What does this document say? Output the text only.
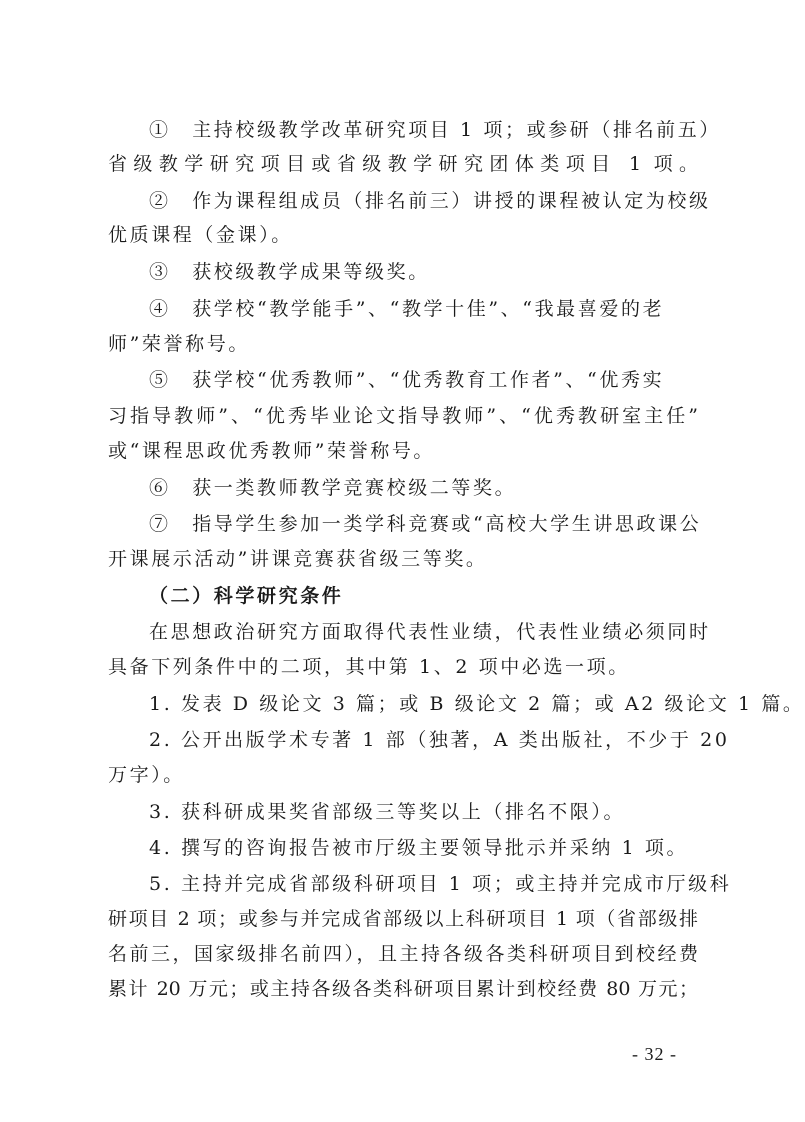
①　主持校级教学改革研究项目 1 项；或参研（排名前五）
省级教学研究项目或省级教学研究团体类项目 1 项。
②　作为课程组成员（排名前三）讲授的课程被认定为校级
优质课程（金课）。
③　获校级教学成果等级奖。
④　获学校“教学能手”、“教学十佳”、“我最喜爱的老
师”荣誉称号。
⑤　获学校“优秀教师”、“优秀教育工作者”、“优秀实
习指导教师”、“优秀毕业论文指导教师”、“优秀教研室主任”
或“课程思政优秀教师”荣誉称号。
⑥　获一类教师教学竞赛校级二等奖。
⑦　指导学生参加一类学科竞赛或“高校大学生讲思政课公
开课展示活动”讲课竞赛获省级三等奖。
（二）科学研究条件
在思想政治研究方面取得代表性业绩，代表性业绩必须同时
具备下列条件中的二项，其中第 1、2 项中必选一项。
1. 发表 D 级论文 3 篇；或 B 级论文 2 篇；或 A2 级论文 1 篇。
2. 公开出版学术专著 1 部（独著，A 类出版社，不少于 20
万字）。
3. 获科研成果奖省部级三等奖以上（排名不限）。
4. 撰写的咨询报告被市厅级主要领导批示并采纳 1 项。
5. 主持并完成省部级科研项目 1 项；或主持并完成市厅级科
研项目 2 项；或参与并完成省部级以上科研项目 1 项（省部级排
名前三，国家级排名前四），且主持各级各类科研项目到校经费
累计 20 万元；或主持各级各类科研项目累计到校经费 80 万元；
- 32 -
